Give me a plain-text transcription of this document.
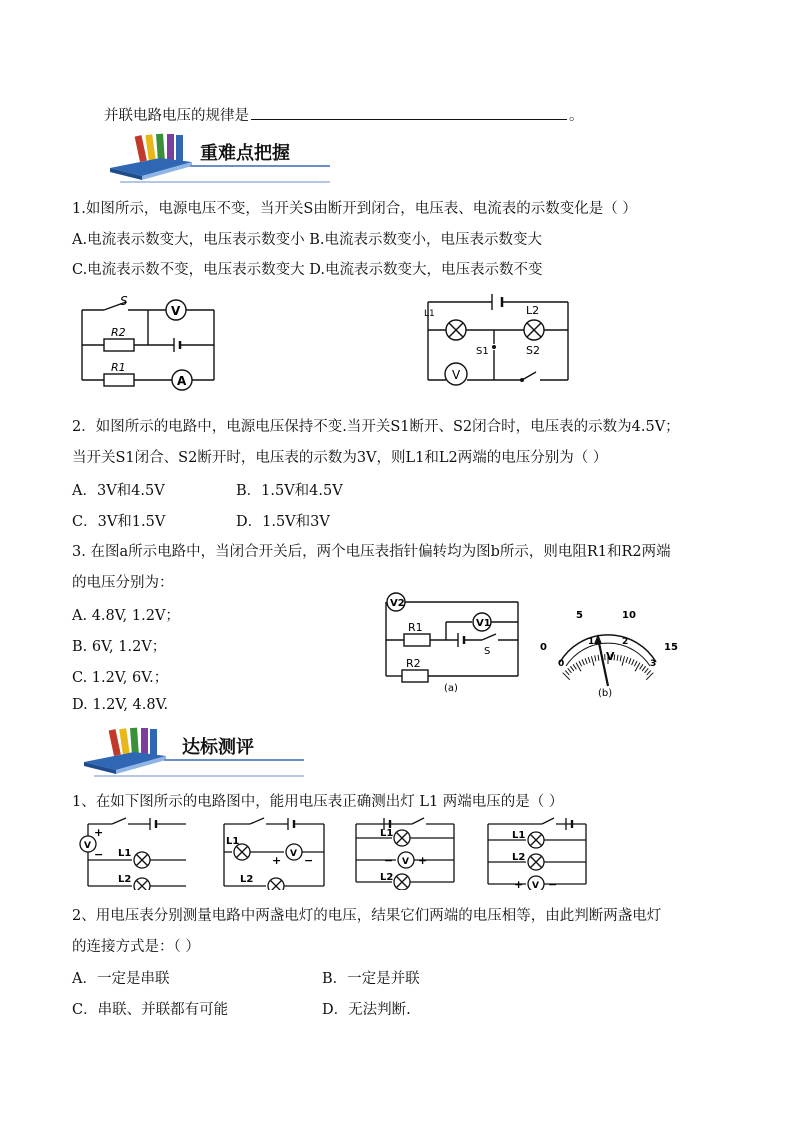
并联电路电压的规律是	。
重难点把握
1.如图所示，电源电压不变，当开关S由断开到闭合，电压表、电流表的示数变化是（ ）
A.电流表示数变大，电压表示数变小 B.电流表示数变小，电压表示数变大
C.电流表示数不变，电压表示数变大 D.电流表示数变大，电压表示数不变
S
V
R2
R1
A
L1	L2
S1	S2
V
2．如图所示的电路中，电源电压保持不变.当开关S1断开、S2闭合时，电压表的示数为4.5V；
当开关S1闭合、S2断开时，电压表的示数为3V，则L1和L2两端的电压分别为（ ）
A．3V和4.5V	B．1.5V和4.5V
C．3V和1.5V	D．1.5V和3V
3. 在图a所示电路中，当闭合开关后，两个电压表指针偏转均为图b所示，则电阻R1和R2两端
的电压分别为：
A. 4.8V, 1.2V；
B. 6V, 1.2V；
C. 1.2V, 6V.；
D. 1.2V, 4.8V.
V2
V1
R1
R2
S
(a)
0
5	10
15
0
1	2
3
V
(b)
达标测评
1、在如下图所示的电路图中，能用电压表正确测出灯 L1 两端电压的是（ ）
V
+
− L1
L2
V
+ −
L1
L2
V
− +
L1
L2
V
+ −
L1
L2
2、用电压表分别测量电路中两盏电灯的电压，结果它们两端的电压相等，由此判断两盏电灯
的连接方式是：（ ）
A．一定是串联	B．一定是并联
C．串联、并联都有可能	D．无法判断.
